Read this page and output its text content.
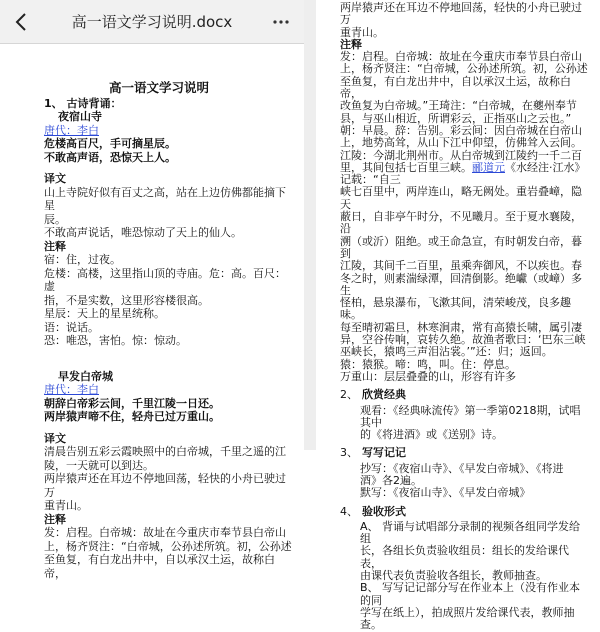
高一语文学习说明.docx
高一语文学习说明
1、 古诗背诵：
夜宿山寺
唐代：李白
危楼高百尺，手可摘星辰。
不敢高声语，恐惊天上人。
译文
山上寺院好似有百丈之高，站在上边仿佛都能摘下星
辰。
不敢高声说话，唯恐惊动了天上的仙人。
注释
宿：住，过夜。
危楼：高楼，这里指山顶的寺庙。危：高。百尺：虚
指，不是实数，这里形容楼很高。
星辰：天上的星星统称。
语：说话。
恐：唯恐，害怕。惊：惊动。
早发白帝城
唐代：李白
朝辞白帝彩云间，千里江陵一日还。
两岸猿声啼不住，轻舟已过万重山。
译文
清晨告别五彩云霞映照中的白帝城，千里之遥的江
陵，一天就可以到达。
两岸猿声还在耳边不停地回荡，轻快的小舟已驶过万
重青山。
注释
发：启程。白帝城：故址在今重庆市奉节县白帝山
上，杨齐贤注：“白帝城，公孙述所筑。初，公孙述
至鱼复，有白龙出井中，自以承汉土运，故称白帝，
两岸猿声还在耳边不停地回荡，轻快的小舟已驶过万
重青山。
注释
发：启程。白帝城：故址在今重庆市奉节县白帝山
上，杨齐贤注：“白帝城，公孙述所筑。初，公孙述
至鱼复，有白龙出井中，自以承汉土运，故称白帝，
改鱼复为白帝城。”王琦注：“白帝城，在夔州奉节
县，与巫山相近，所谓彩云，正指巫山之云也。”
朝：早晨。辞：告别。彩云间：因白帝城在白帝山
上，地势高耸，从山下江中仰望，仿佛耸入云间。
江陵：今湖北荆州市。从白帝城到江陵约一千二百
里，其间包括七百里三峡。郦道元《水经注·江水》记载：“自三
峡七百里中，两岸连山，略无阙处。重岩叠嶂，隐天
蔽日，自非亭午时分，不见曦月。至于夏水襄陵，沿
溯（或沂）阻绝。或王命急宣，有时朝发白帝，暮到
江陵，其间千二百里，虽乘奔御风，不以疾也。春
冬之时，则素湍绿潭，回清倒影。绝巘（或嶂）多生
怪柏，悬泉瀑布，飞漱其间，清荣峻茂，良多趣味。
每至晴初霜旦，林寒涧肃，常有高猿长啸，属引凄
异，空谷传响，哀转久绝。故渔者歌曰：‘巴东三峡
巫峡长，猿鸣三声泪沾裳。’”还：归；返回。
猿：猿猴。啼：鸣，叫。住：停息。
万重山：层层叠叠的山，形容有许多
2、 欣赏经典
观看：《经典咏流传》第一季第0218期，试唱其中
的《将进酒》或《送别》诗。
3、 写写记记
抄写：《夜宿山寺》、《早发白帝城》、《将进
酒》各2遍。
默写：《夜宿山寺》、《早发白帝城》
4、 验收形式
A、 背诵与试唱部分录制的视频各组同学发给组
长，各组长负责验收组员：组长的发给课代表，
由课代表负责验收各组长，教师抽查。
B、 写写记记部分写在作业本上（没有作业本的同
学写在纸上），拍成照片发给课代表，教师抽
查。
